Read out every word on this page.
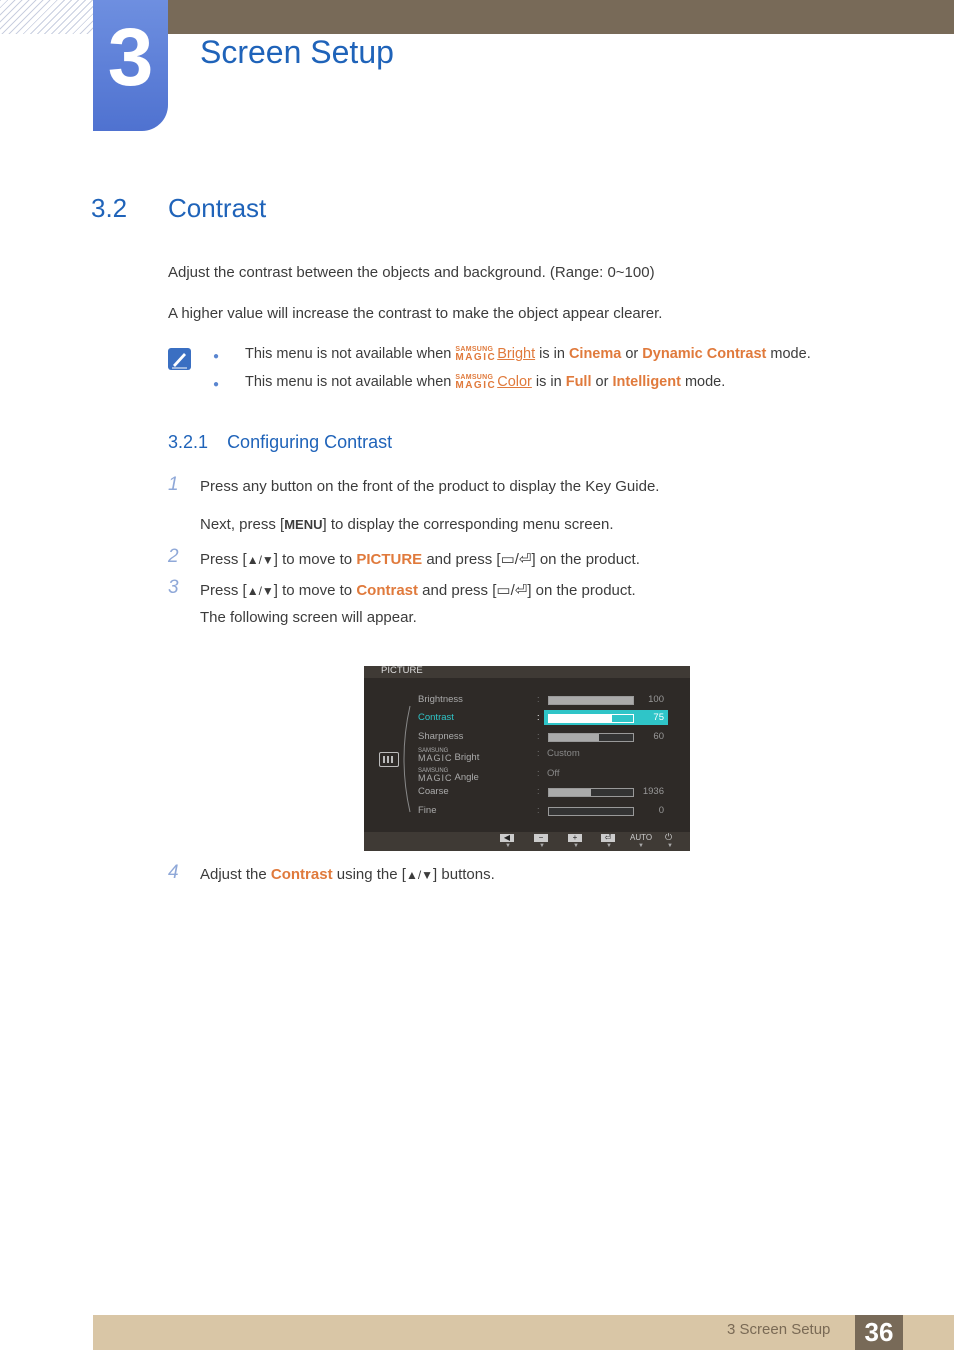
3	Screen Setup
3.2 Contrast
Adjust the contrast between the objects and background. (Range: 0~100)
A higher value will increase the contrast to make the object appear clearer.
● This menu is not available when SAMSUNG
MAGIC Bright is in Cinema or Dynamic Contrast mode.
● This menu is not available when SAMSUNG
MAGIC Color is in Full or Intelligent mode.
3.2.1 Configuring Contrast
1 Press any button on the front of the product to display the Key Guide.
Next, press [MENU] to display the corresponding menu screen.
2 Press [▲/▼] to move to PICTURE and press [▭/⏎] on the product.
3 Press [▲/▼] to move to Contrast and press [▭/⏎] on the product.
The following screen will appear.
PICTURE
Brightness	:	100
Contrast	:	75
Sharpness	:	60
SAMSUNG
MAGIC Bright	: Custom
SAMSUNG
MAGIC Angle	: Off
Coarse	:	1936
Fine	:	0
◀	−	+	⏎	AUTO ⏻
▼	▼	▼	▼	▼	▼
4 Adjust the Contrast using the [▲/▼] buttons.
3 Screen Setup	36
